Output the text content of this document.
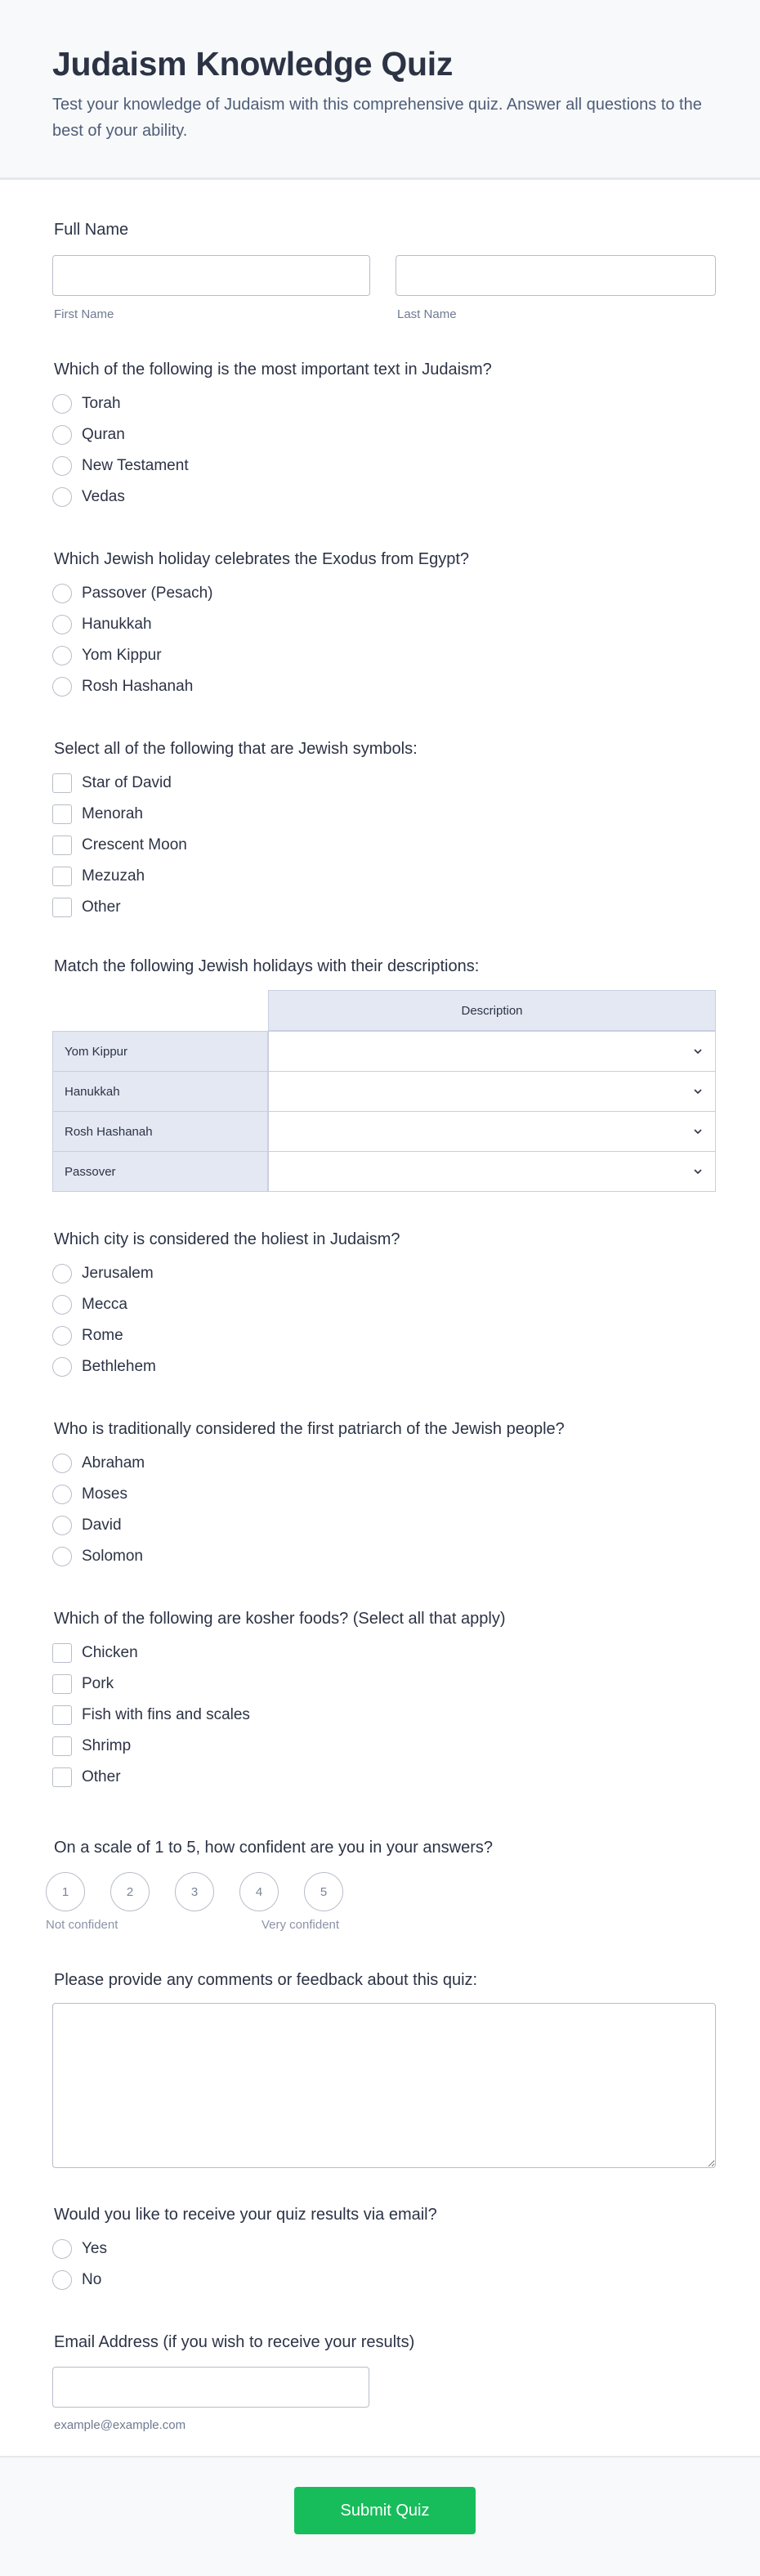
Judaism Knowledge Quiz

Test your knowledge of Judaism with this comprehensive quiz. Answer all questions to the best of your ability.

Full Name
First Name	Last Name
Which of the following is the most important text in Judaism?
Torah
Quran
New Testament
Vedas
Which Jewish holiday celebrates the Exodus from Egypt?
Passover (Pesach)
Hanukkah
Yom Kippur
Rosh Hashanah
Select all of the following that are Jewish symbols:
Star of David
Menorah
Crescent Moon
Mezuzah
Other
Match the following Jewish holidays with their descriptions:
Description
Yom Kippur
Hanukkah
Rosh Hashanah
Passover
Which city is considered the holiest in Judaism?
Jerusalem
Mecca
Rome
Bethlehem
Who is traditionally considered the first patriarch of the Jewish people?
Abraham
Moses
David
Solomon
Which of the following are kosher foods? (Select all that apply)
Chicken
Pork
Fish with fins and scales
Shrimp
Other
On a scale of 1 to 5, how confident are you in your answers?
1	2	3	4	5
Not confident	Very confident
Please provide any comments or feedback about this quiz:
Would you like to receive your quiz results via email?
Yes
No
Email Address (if you wish to receive your results)
example@example.com
Submit Quiz
